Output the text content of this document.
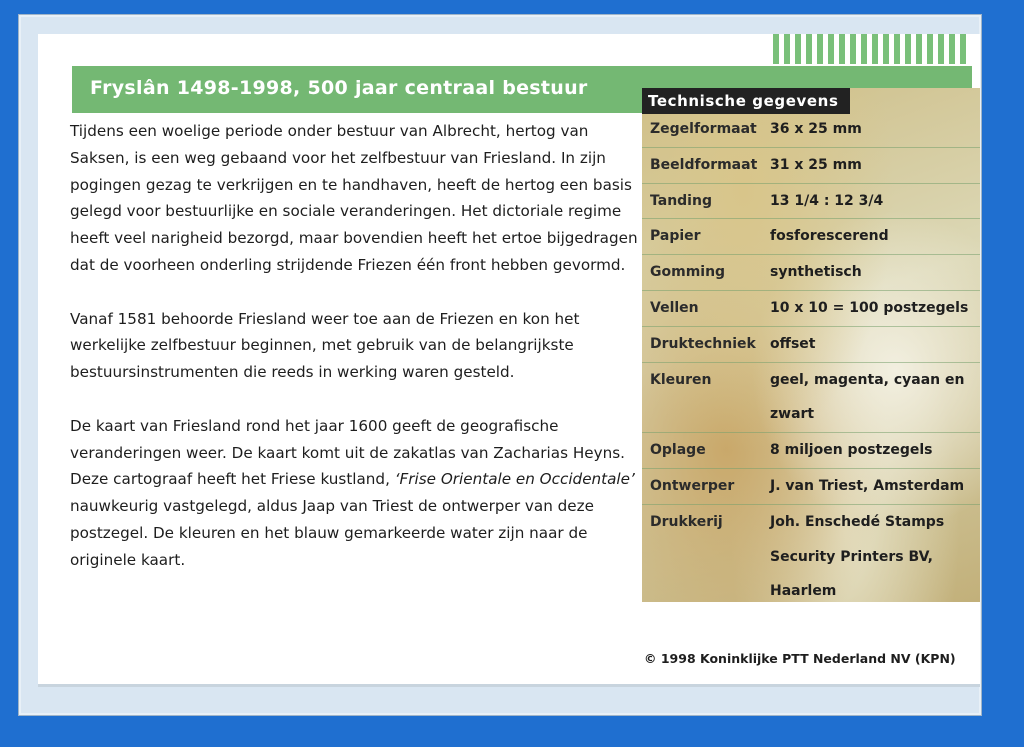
Fryslân 1498-1998, 500 jaar centraal bestuur

Tijdens een woelige periode onder bestuur van Albrecht, hertog van Saksen, is een weg gebaand voor het zelfbestuur van Friesland. In zijn pogingen gezag te verkrijgen en te handhaven, heeft de hertog een basis gelegd voor bestuurlijke en sociale veranderingen. Het dictoriale regime heeft veel narigheid bezorgd, maar bovendien heeft het ertoe bijgedragen dat de voorheen onderling strijdende Friezen één front hebben gevormd.

Vanaf 1581 behoorde Friesland weer toe aan de Friezen en kon het werkelijke zelfbestuur beginnen, met gebruik van de belangrijkste bestuursinstrumenten die reeds in werking waren gesteld.

De kaart van Friesland rond het jaar 1600 geeft de geografische veranderingen weer. De kaart komt uit de zakatlas van Zacharias Heyns. Deze cartograaf heeft het Friese kustland, ‘Frise Orientale en Occidentale’ nauwkeurig vastgelegd, aldus Jaap van Triest de ontwerper van deze postzegel. De kleuren en het blauw gemarkeerde water zijn naar de originele kaart.

Zegelformaat 36 x 25 mm
Beeldformaat 31 x 25 mm
Tanding	13 1/4 : 12 3/4
Papier	fosforescerend
Gomming	synthetisch
Vellen	10 x 10 = 100 postzegels
Druktechniek	offset
Kleuren	geel, magenta, cyaan en
zwart
Oplage	8 miljoen postzegels
Ontwerper	J. van Triest, Amsterdam
Drukkerij	Joh. Enschedé Stamps
Security Printers BV,
Haarlem
Technische gegevens
© 1998 Koninklijke PTT Nederland NV (KPN)
